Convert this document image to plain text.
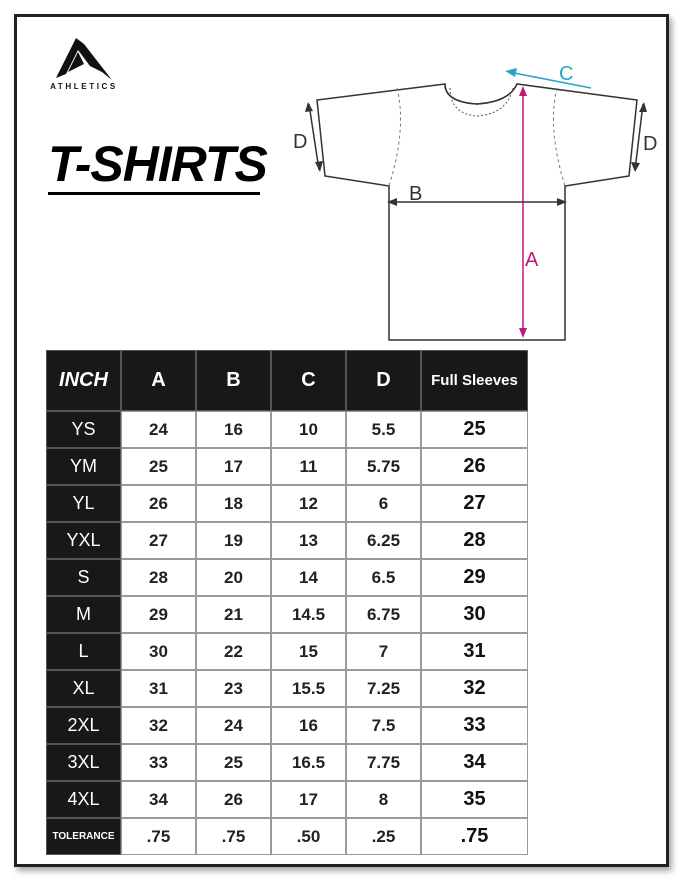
ATHLETICS
T-SHIRTS
A
B
C
D	D
INCH	A	B	C	D	Full Sleeves
YS	24	16	10	5.5	25
YM	25	17	11	5.75	26
YL	26	18	12	6	27
YXL	27	19	13	6.25	28
S	28	20	14	6.5	29
M	29	21	14.5	6.75	30
L	30	22	15	7	31
XL	31	23	15.5	7.25	32
2XL	32	24	16	7.5	33
3XL	33	25	16.5	7.75	34
4XL	34	26	17	8	35
TOLERANCE	.75	.75	.50	.25	.75
